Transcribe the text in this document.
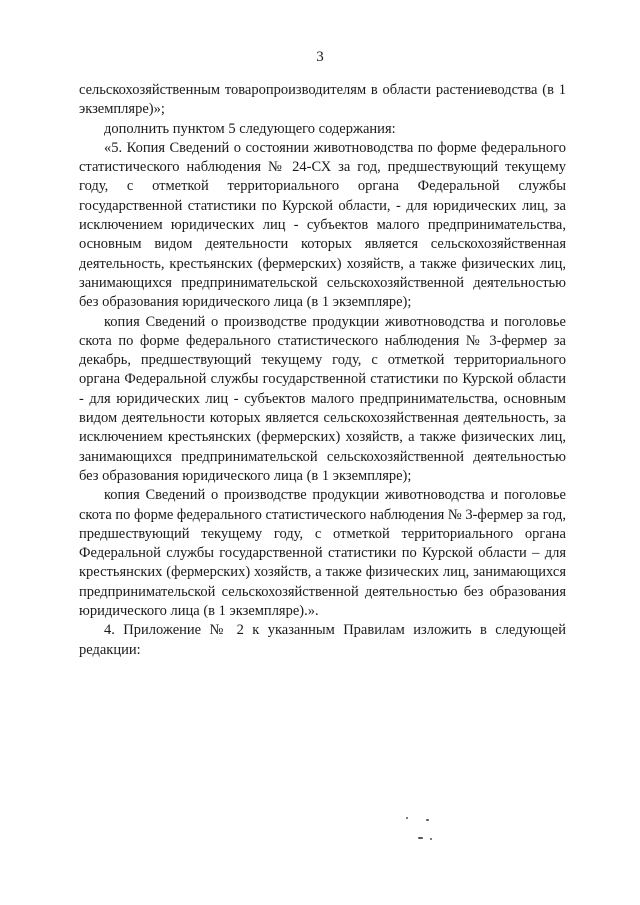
3

сельскохозяйственным товаропроизводителям в области растениеводства (в 1 экземпляре)»;

дополнить пунктом 5 следующего содержания:

«5. Копия Сведений о состоянии животноводства по форме федерального статистического наблюдения № 24-СХ за год, предшествующий текущему году, с отметкой территориального органа Федеральной службы государственной статистики по Курской области, - для юридических лиц, за исключением юридических лиц - субъектов малого предпринимательства, основным видом деятельности которых является сельскохозяйственная деятельность, крестьянских (фермерских) хозяйств, а также физических лиц, занимающихся предпринимательской сельскохозяйственной деятельностью без образования юридического лица (в 1 экземпляре);

копия Сведений о производстве продукции животноводства и поголовье скота по форме федерального статистического наблюдения № 3-фермер за декабрь, предшествующий текущему году, с отметкой территориального органа Федеральной службы государственной статистики по Курской области - для юридических лиц - субъектов малого предпринимательства, основным видом деятельности которых является сельскохозяйственная деятельность, за исключением крестьянских (фермерских) хозяйств, а также физических лиц, занимающихся предпринимательской сельскохозяйственной деятельностью без образования юридического лица (в 1 экземпляре);

копия Сведений о производстве продукции животноводства и поголовье скота по форме федерального статистического наблюдения № 3-фермер за год, предшествующий текущему году, с отметкой территориального органа Федеральной службы государственной статистики по Курской области – для крестьянских (фермерских) хозяйств, а также физических лиц, занимающихся предпринимательской сельскохозяйственной деятельностью без образования юридического лица (в 1 экземпляре).».

4. Приложение № 2 к указанным Правилам изложить в следующей редакции:
